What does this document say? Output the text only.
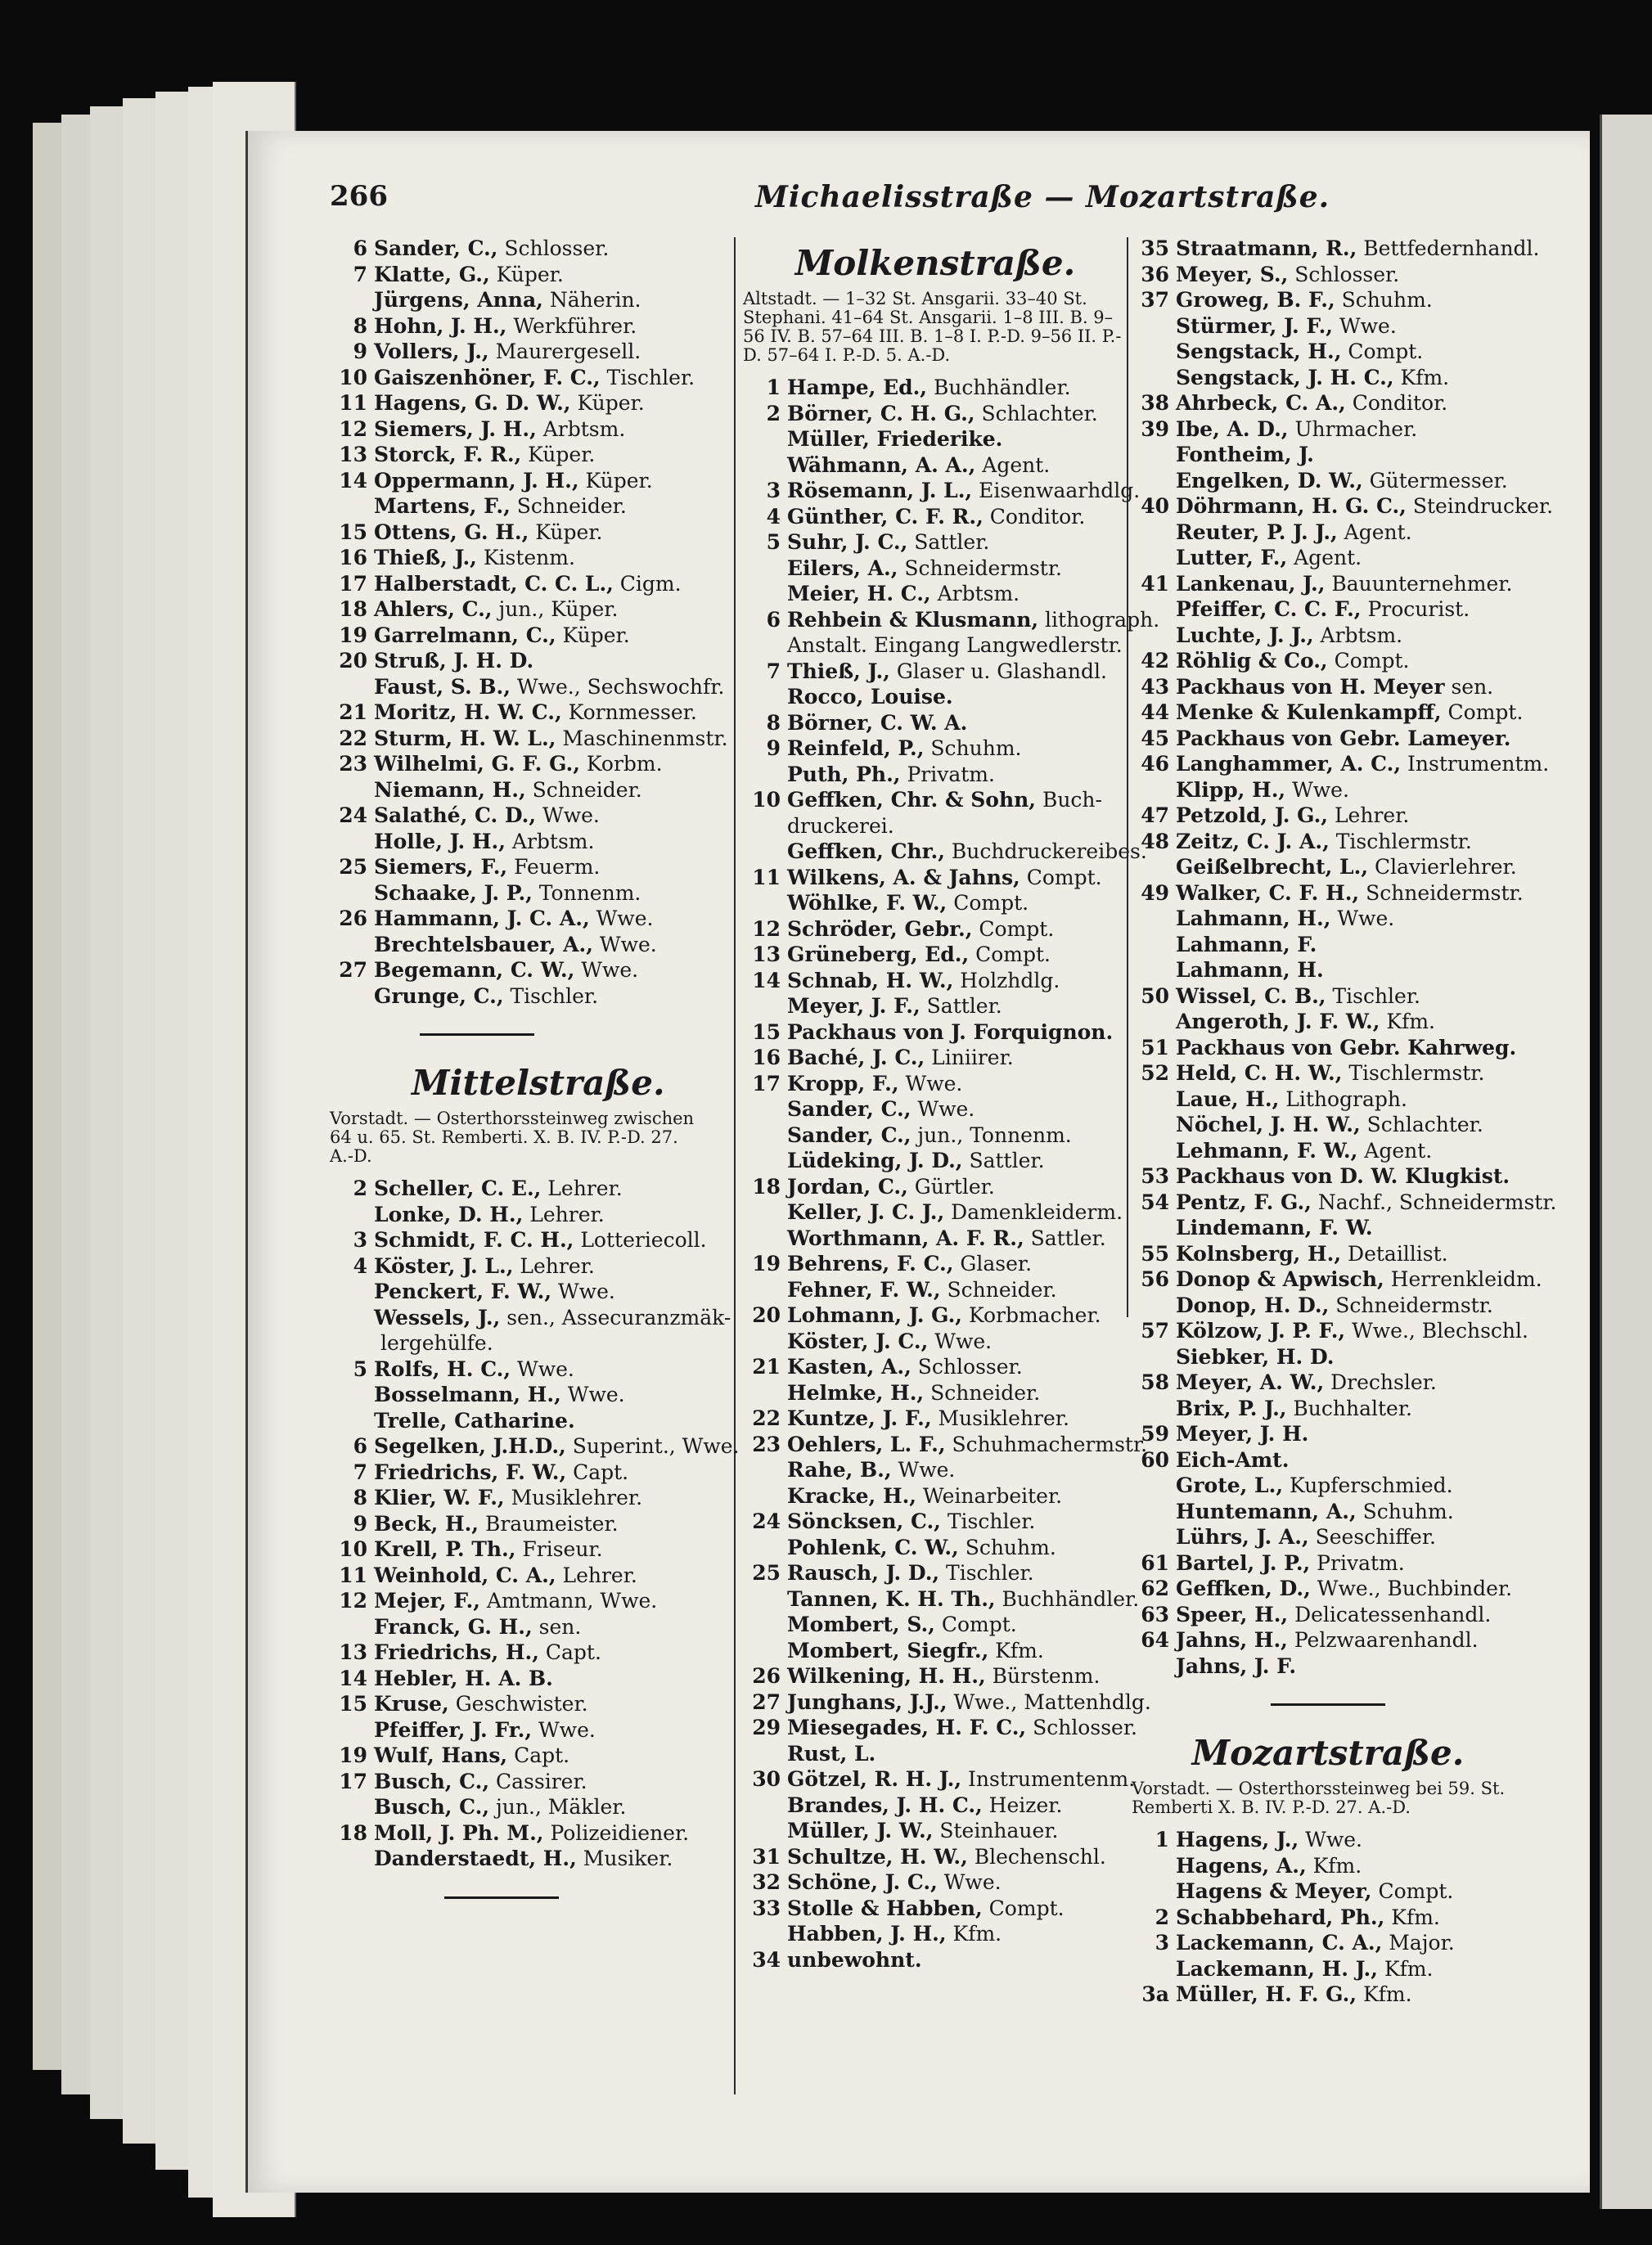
266	Michaelisstraße — Mozartstraße.
6 Sander, C., Schlosser.
7 Klatte, G., Küper.
Jürgens, Anna, Näherin.
8 Hohn, J. H., Werkführer.
9 Vollers, J., Maurergesell.
10 Gaiszenhöner, F. C., Tischler.
11 Hagens, G. D. W., Küper.
12 Siemers, J. H., Arbtsm.
13 Storck, F. R., Küper.
14 Oppermann, J. H., Küper.
Martens, F., Schneider.
15 Ottens, G. H., Küper.
16 Thieß, J., Kistenm.
17 Halberstadt, C. C. L., Cigm.
18 Ahlers, C., jun., Küper.
19 Garrelmann, C., Küper.
20 Struß, J. H. D.
Faust, S. B., Wwe., Sechswochfr.
21 Moritz, H. W. C., Kornmesser.
22 Sturm, H. W. L., Maschinenmstr.
23 Wilhelmi, G. F. G., Korbm.
Niemann, H., Schneider.
24 Salathé, C. D., Wwe.
Holle, J. H., Arbtsm.
25 Siemers, F., Feuerm.
Schaake, J. P., Tonnenm.
26 Hammann, J. C. A., Wwe.
Brechtelsbauer, A., Wwe.
27 Begemann, C. W., Wwe.
Grunge, C., Tischler.
Mittelstraße.
Vorstadt. — Osterthorssteinweg zwischen 64 u. 65. St. Remberti. X. B. IV. P.-D. 27. A.-D.
2 Scheller, C. E., Lehrer.
Lonke, D. H., Lehrer.
3 Schmidt, F. C. H., Lotteriecoll.
4 Köster, J. L., Lehrer.
Penckert, F. W., Wwe.
Wessels, J., sen., Assecuranzmäk-
lergehülfe.
5 Rolfs, H. C., Wwe.
Bosselmann, H., Wwe.
Trelle, Catharine.
6 Segelken, J.H.D., Superint., Wwe.
7 Friedrichs, F. W., Capt.
8 Klier, W. F., Musiklehrer.
9 Beck, H., Braumeister.
10 Krell, P. Th., Friseur.
11 Weinhold, C. A., Lehrer.
12 Mejer, F., Amtmann, Wwe.
Franck, G. H., sen.
13 Friedrichs, H., Capt.
14 Hebler, H. A. B.
15 Kruse, Geschwister.
Pfeiffer, J. Fr., Wwe.
19 Wulf, Hans, Capt.
17 Busch, C., Cassirer.
Busch, C., jun., Mäkler.
18 Moll, J. Ph. M., Polizeidiener.
Danderstaedt, H., Musiker.
Molkenstraße.
Altstadt. — 1–32 St. Ansgarii. 33–40 St. Stephani. 41–64 St. Ansgarii. 1–8 III. B. 9–56 IV. B. 57–64 III. B. 1–8 I. P.-D. 9–56 II. P.-D. 57–64 I. P.-D. 5. A.-D.
1 Hampe, Ed., Buchhändler.
2 Börner, C. H. G., Schlachter.
Müller, Friederike.
Wähmann, A. A., Agent.
3 Rösemann, J. L., Eisenwaarhdlg.
4 Günther, C. F. R., Conditor.
5 Suhr, J. C., Sattler.
Eilers, A., Schneidermstr.
Meier, H. C., Arbtsm.
6 Rehbein & Klusmann, lithograph.
Anstalt. Eingang Langwedlerstr.
7 Thieß, J., Glaser u. Glashandl.
Rocco, Louise.
8 Börner, C. W. A.
9 Reinfeld, P., Schuhm.
Puth, Ph., Privatm.
10 Geffken, Chr. & Sohn, Buch-
druckerei.
Geffken, Chr., Buchdruckereibes.
11 Wilkens, A. & Jahns, Compt.
Wöhlke, F. W., Compt.
12 Schröder, Gebr., Compt.
13 Grüneberg, Ed., Compt.
14 Schnab, H. W., Holzhdlg.
Meyer, J. F., Sattler.
15 Packhaus von J. Forquignon.
16 Baché, J. C., Liniirer.
17 Kropp, F., Wwe.
Sander, C., Wwe.
Sander, C., jun., Tonnenm.
Lüdeking, J. D., Sattler.
18 Jordan, C., Gürtler.
Keller, J. C. J., Damenkleiderm.
Worthmann, A. F. R., Sattler.
19 Behrens, F. C., Glaser.
Fehner, F. W., Schneider.
20 Lohmann, J. G., Korbmacher.
Köster, J. C., Wwe.
21 Kasten, A., Schlosser.
Helmke, H., Schneider.
22 Kuntze, J. F., Musiklehrer.
23 Oehlers, L. F., Schuhmachermstr.
Rahe, B., Wwe.
Kracke, H., Weinarbeiter.
24 Söncksen, C., Tischler.
Pohlenk, C. W., Schuhm.
25 Rausch, J. D., Tischler.
Tannen, K. H. Th., Buchhändler.
Mombert, S., Compt.
Mombert, Siegfr., Kfm.
26 Wilkening, H. H., Bürstenm.
27 Junghans, J.J., Wwe., Mattenhdlg.
29 Miesegades, H. F. C., Schlosser.
Rust, L.
30 Götzel, R. H. J., Instrumentenm.
Brandes, J. H. C., Heizer.
Müller, J. W., Steinhauer.
31 Schultze, H. W., Blechenschl.
32 Schöne, J. C., Wwe.
33 Stolle & Habben, Compt.
Habben, J. H., Kfm.
34 unbewohnt.
35 Straatmann, R., Bettfedernhandl.
36 Meyer, S., Schlosser.
37 Groweg, B. F., Schuhm.
Stürmer, J. F., Wwe.
Sengstack, H., Compt.
Sengstack, J. H. C., Kfm.
38 Ahrbeck, C. A., Conditor.
39 Ibe, A. D., Uhrmacher.
Fontheim, J.
Engelken, D. W., Gütermesser.
40 Döhrmann, H. G. C., Steindrucker.
Reuter, P. J. J., Agent.
Lutter, F., Agent.
41 Lankenau, J., Bauunternehmer.
Pfeiffer, C. C. F., Procurist.
Luchte, J. J., Arbtsm.
42 Röhlig & Co., Compt.
43 Packhaus von H. Meyer sen.
44 Menke & Kulenkampff, Compt.
45 Packhaus von Gebr. Lameyer.
46 Langhammer, A. C., Instrumentm.
Klipp, H., Wwe.
47 Petzold, J. G., Lehrer.
48 Zeitz, C. J. A., Tischlermstr.
Geißelbrecht, L., Clavierlehrer.
49 Walker, C. F. H., Schneidermstr.
Lahmann, H., Wwe.
Lahmann, F.
Lahmann, H.
50 Wissel, C. B., Tischler.
Angeroth, J. F. W., Kfm.
51 Packhaus von Gebr. Kahrweg.
52 Held, C. H. W., Tischlermstr.
Laue, H., Lithograph.
Nöchel, J. H. W., Schlachter.
Lehmann, F. W., Agent.
53 Packhaus von D. W. Klugkist.
54 Pentz, F. G., Nachf., Schneidermstr.
Lindemann, F. W.
55 Kolnsberg, H., Detaillist.
56 Donop & Apwisch, Herrenkleidm.
Donop, H. D., Schneidermstr.
57 Kölzow, J. P. F., Wwe., Blechschl.
Siebker, H. D.
58 Meyer, A. W., Drechsler.
Brix, P. J., Buchhalter.
59 Meyer, J. H.
60 Eich-Amt.
Grote, L., Kupferschmied.
Huntemann, A., Schuhm.
Lührs, J. A., Seeschiffer.
61 Bartel, J. P., Privatm.
62 Geffken, D., Wwe., Buchbinder.
63 Speer, H., Delicatessenhandl.
64 Jahns, H., Pelzwaarenhandl.
Jahns, J. F.
Mozartstraße.
Vorstadt. — Osterthorssteinweg bei 59. St. Remberti X. B. IV. P.-D. 27. A.-D.
1 Hagens, J., Wwe.
Hagens, A., Kfm.
Hagens & Meyer, Compt.
2 Schabbehard, Ph., Kfm.
3 Lackemann, C. A., Major.
Lackemann, H. J., Kfm.
3a Müller, H. F. G., Kfm.
